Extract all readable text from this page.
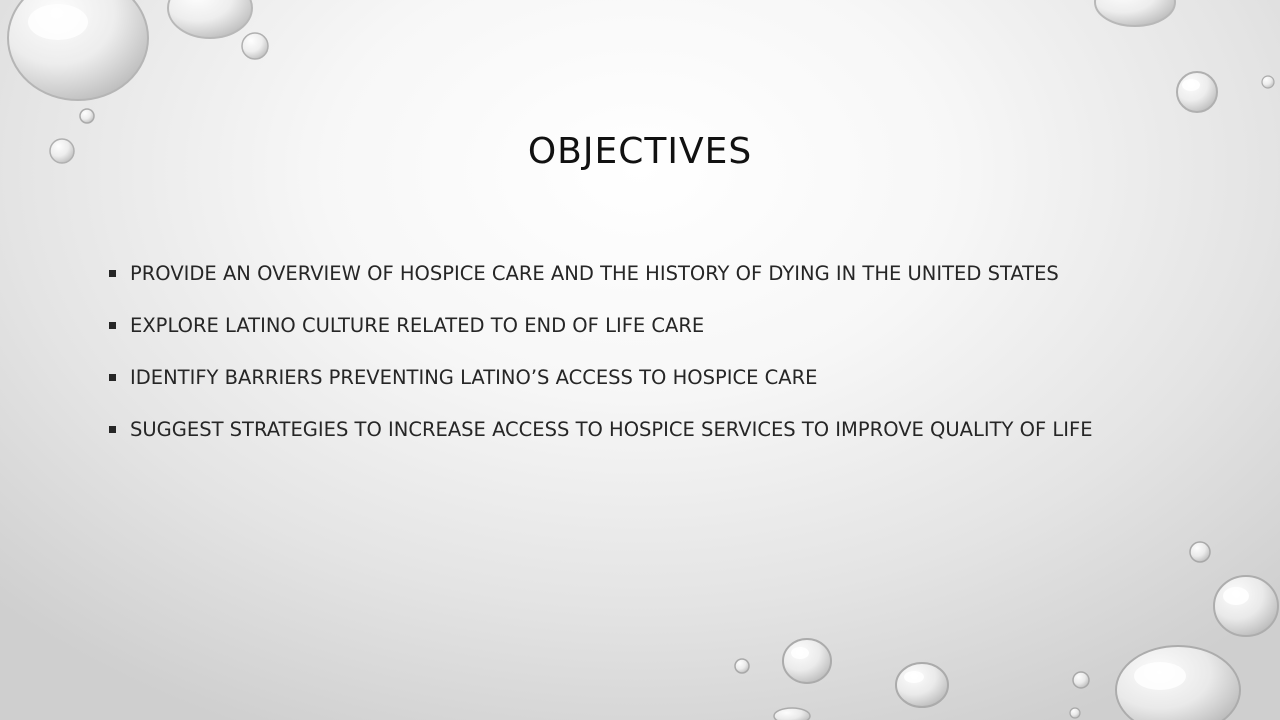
OBJECTIVES
PROVIDE AN OVERVIEW OF HOSPICE CARE AND THE HISTORY OF DYING IN THE UNITED STATES
EXPLORE LATINO CULTURE RELATED TO END OF LIFE CARE
IDENTIFY BARRIERS PREVENTING LATINO’S ACCESS TO HOSPICE CARE
SUGGEST STRATEGIES TO INCREASE ACCESS TO HOSPICE SERVICES TO IMPROVE QUALITY OF LIFE
